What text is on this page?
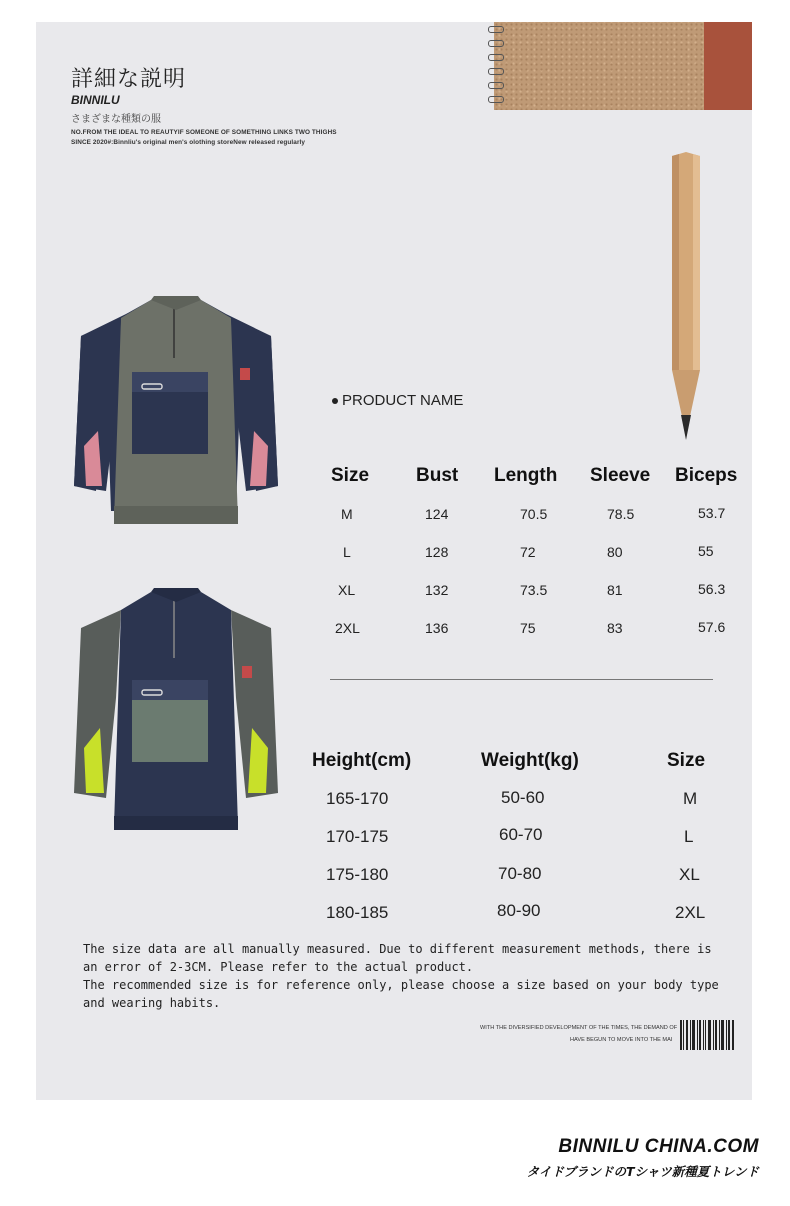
詳細な説明
BINNILU
さまざまな種類の服
NO.FROM THE IDEAL TO REAUTYIF SOMEONE OF SOMETHING LINKS TWO THIGHS
SINCE 2020#:Binnliu's original men's olothing storeNew released regularly
PRODUCT NAME
Size Bust Length Sleeve Biceps
M	124	70.5	78.5	53.7
L	128	72	80	55
XL	132	73.5	81	56.3
2XL	136	75	83	57.6
Height(cm)	Weight(kg)	Size
165-170	50-60	M
170-175	60-70	L
175-180	70-80	XL
180-185	80-90	2XL
The size data are all manually measured. Due to different measurement methods, there is
an error of 2-3CM. Please refer to the actual product.
The recommended size is for reference only, please choose a size based on your body type
and wearing habits.
WITH THE DIVERSIFIED DEVELOPMENT OF THE TIMES, THE DEMAND OF
HAVE BEGUN TO MOVE INTO THE MAI
BINNILU CHINA.COM
タイドブランドのTシャツ新種夏トレンド
